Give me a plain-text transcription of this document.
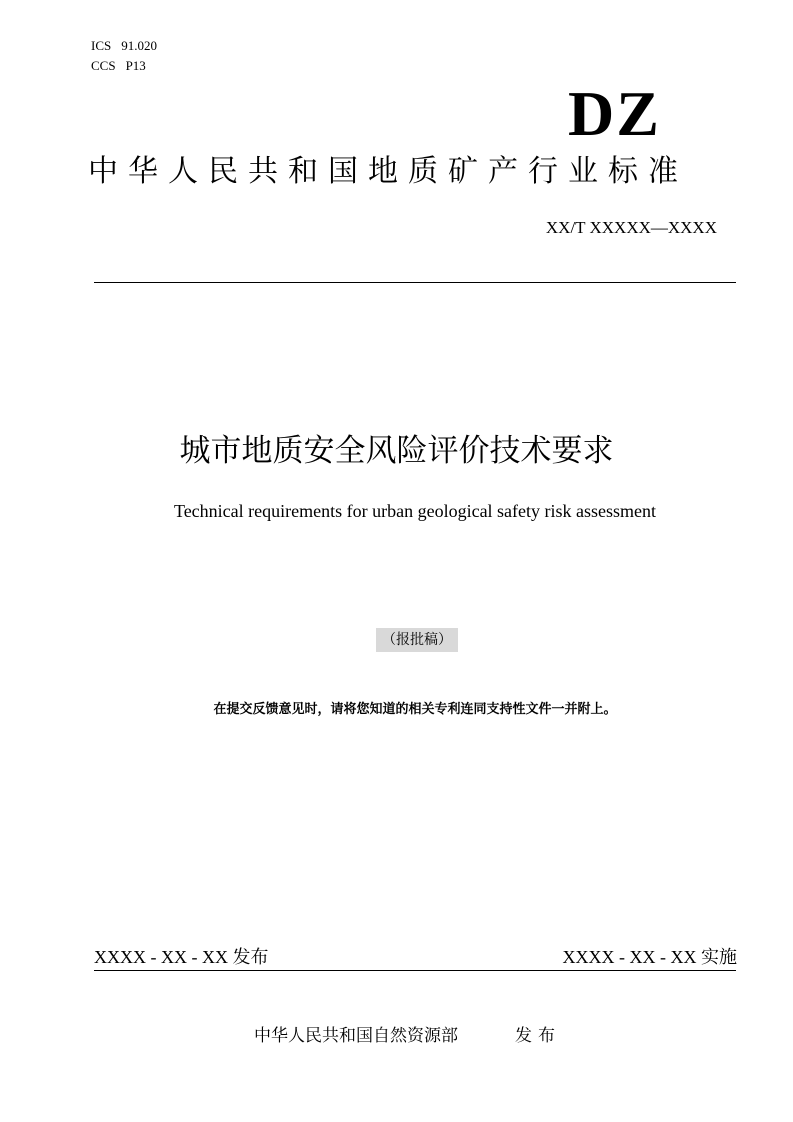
ICS 91.020
CCS P13
DZ
中华人民共和国地质矿产行业标准
XX/T XXXXX—XXXX
城市地质安全风险评价技术要求
Technical requirements for urban geological safety risk assessment
（报批稿）
在提交反馈意见时，请将您知道的相关专利连同支持性文件一并附上。
XXXX - XX - XX 发布	XXXX - XX - XX 实施
中华人民共和国自然资源部	发布
